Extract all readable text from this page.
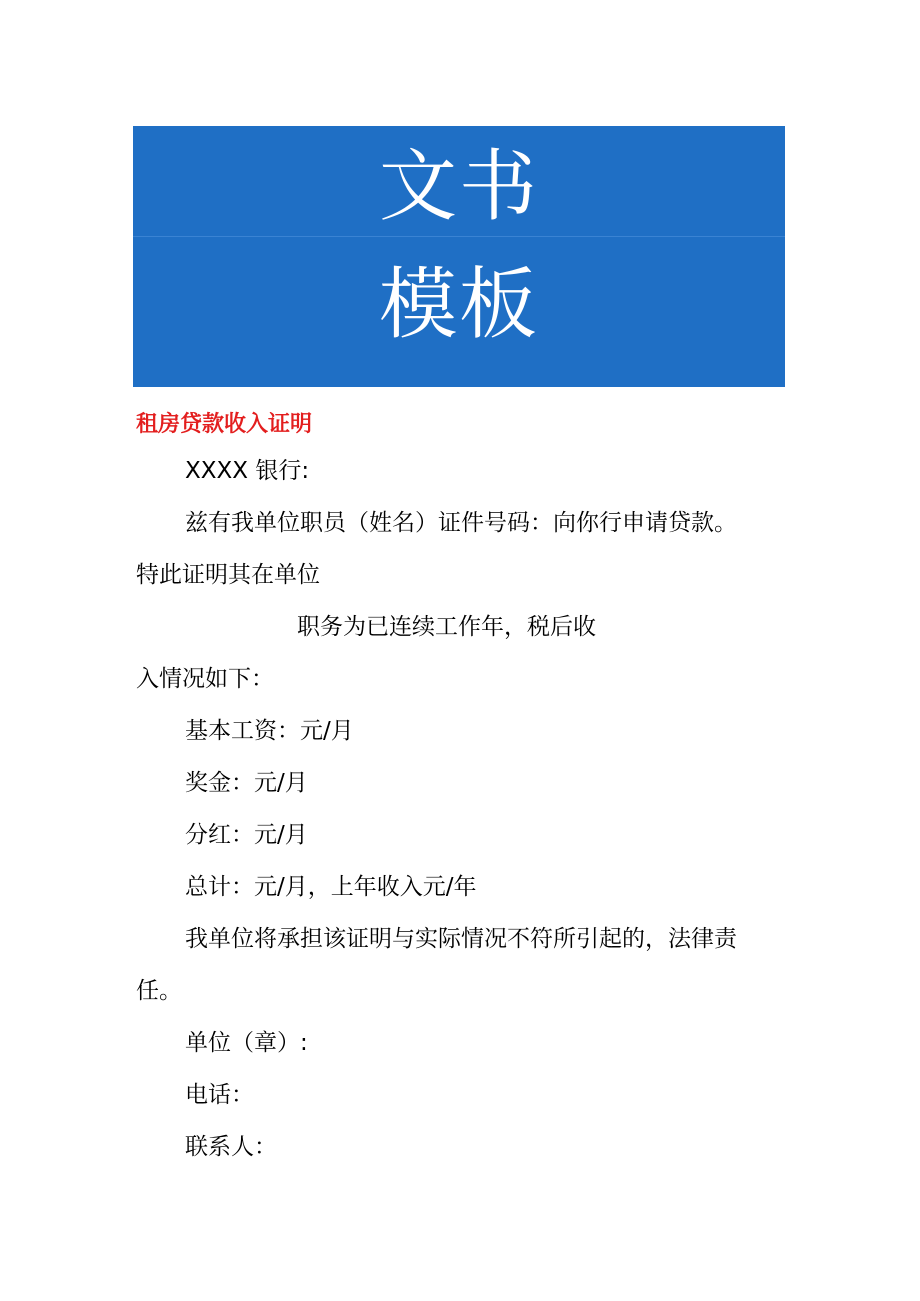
文书
模板
租房贷款收入证明
XXXX 银行:
兹有我单位职员（姓名）证件号码：向你行申请贷款。
特此证明其在单位
职务为已连续工作年，税后收
入情况如下：
基本工资：元/月
奖金：元/月
分红：元/月
总计：元/月，上年收入元/年
我单位将承担该证明与实际情况不符所引起的，法律责
任。
单位（章）:
电话：
联系人：
